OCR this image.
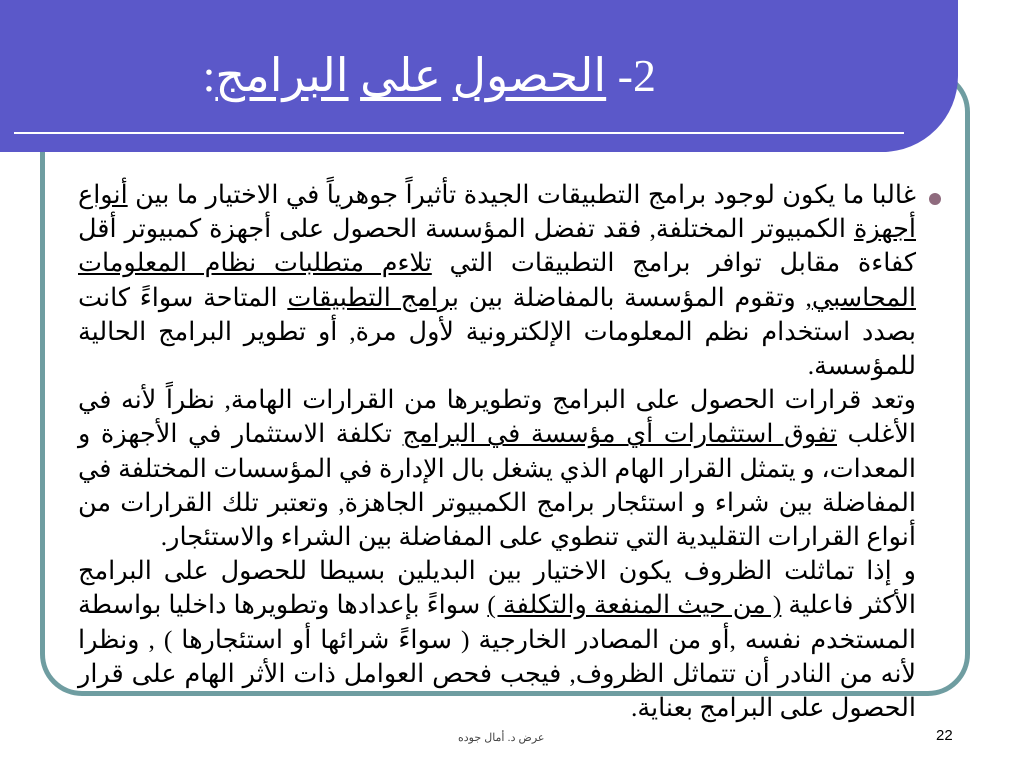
2- الحصول على البرامج:

غالبا ما يكون لوجود برامج التطبيقات الجيدة تأثيراً جوهرياً في الاختيار ما بين أنواع أجهزة الكمبيوتر المختلفة, فقد تفضل المؤسسة الحصول على أجهزة كمبيوتر أقل كفاءة مقابل توافر برامج التطبيقات التي تلاءم متطلبات نظام المعلومات المحاسبي, وتقوم المؤسسة بالمفاضلة بين برامج التطبيقات المتاحة سواءً كانت بصدد استخدام نظم المعلومات الإلكترونية لأول مرة, أو تطوير البرامج الحالية للمؤسسة.

وتعد قرارات الحصول على البرامج وتطويرها من القرارات الهامة, نظراً لأنه في الأغلب تفوق استثمارات أي مؤسسة في البرامج تكلفة الاستثمار في الأجهزة و المعدات، و يتمثل القرار الهام الذي يشغل بال الإدارة في المؤسسات المختلفة في المفاضلة بين شراء و استئجار برامج الكمبيوتر الجاهزة, وتعتبر تلك القرارات من أنواع القرارات التقليدية التي تنطوي على المفاضلة بين الشراء والاستئجار.

و إذا تماثلت الظروف يكون الاختيار بين البديلين بسيطا للحصول على البرامج الأكثر فاعلية ( من حيث المنفعة والتكلفة ) سواءً بإعدادها وتطويرها داخليا بواسطة المستخدم نفسه ,أو من المصادر الخارجية ( سواءً شرائها أو استئجارها ) , ونظرا لأنه من النادر أن تتماثل الظروف, فيجب فحص العوامل ذات الأثر الهام على قرار الحصول على البرامج بعناية.

عرض د. أمال جوده	22
